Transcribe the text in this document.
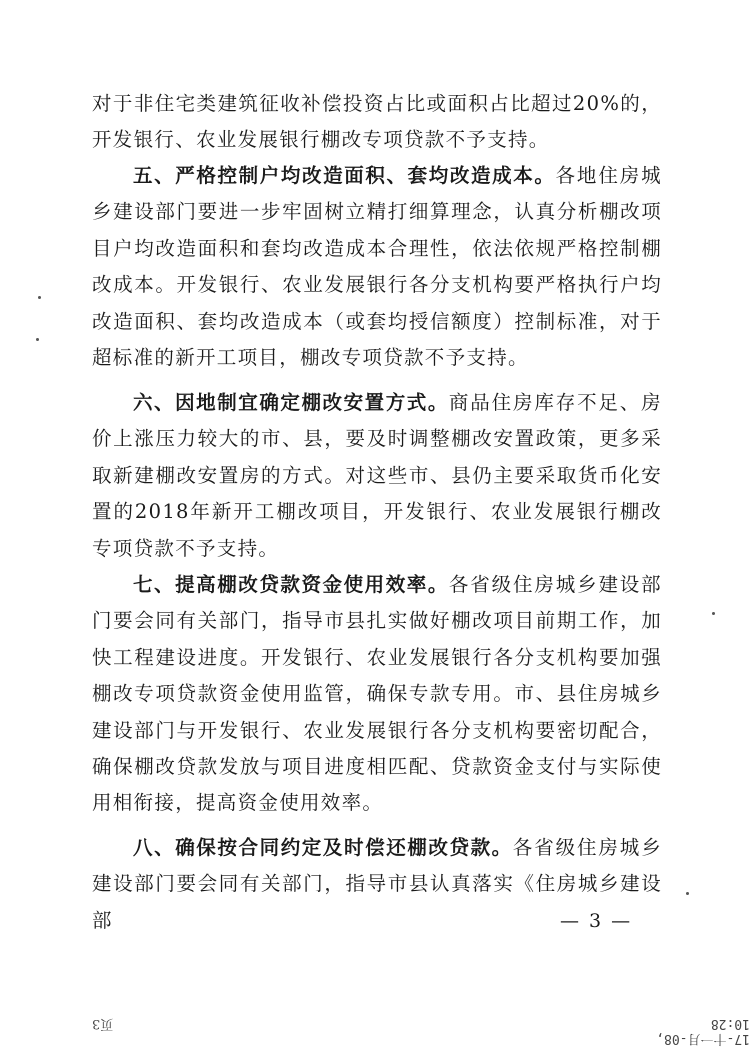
对于非住宅类建筑征收补偿投资占比或面积占比超过20%的，开发银行、农业发展银行棚改专项贷款不予支持。

五、严格控制户均改造面积、套均改造成本。各地住房城乡建设部门要进一步牢固树立精打细算理念，认真分析棚改项目户均改造面积和套均改造成本合理性，依法依规严格控制棚改成本。开发银行、农业发展银行各分支机构要严格执行户均改造面积、套均改造成本（或套均授信额度）控制标准，对于超标准的新开工项目，棚改专项贷款不予支持。

六、因地制宜确定棚改安置方式。商品住房库存不足、房价上涨压力较大的市、县，要及时调整棚改安置政策，更多采取新建棚改安置房的方式。对这些市、县仍主要采取货币化安置的2018年新开工棚改项目，开发银行、农业发展银行棚改专项贷款不予支持。

七、提高棚改贷款资金使用效率。各省级住房城乡建设部门要会同有关部门，指导市县扎实做好棚改项目前期工作，加快工程建设进度。开发银行、农业发展银行各分支机构要加强棚改专项贷款资金使用监管，确保专款专用。市、县住房城乡建设部门与开发银行、农业发展银行各分支机构要密切配合，确保棚改贷款发放与项目进度相匹配、贷款资金支付与实际使用相衔接，提高资金使用效率。

八、确保按合同约定及时偿还棚改贷款。各省级住房城乡建设部门要会同有关部门，指导市县认真落实《住房城乡建设部	— 3 —
页3
17-十一月-08, 10:28
